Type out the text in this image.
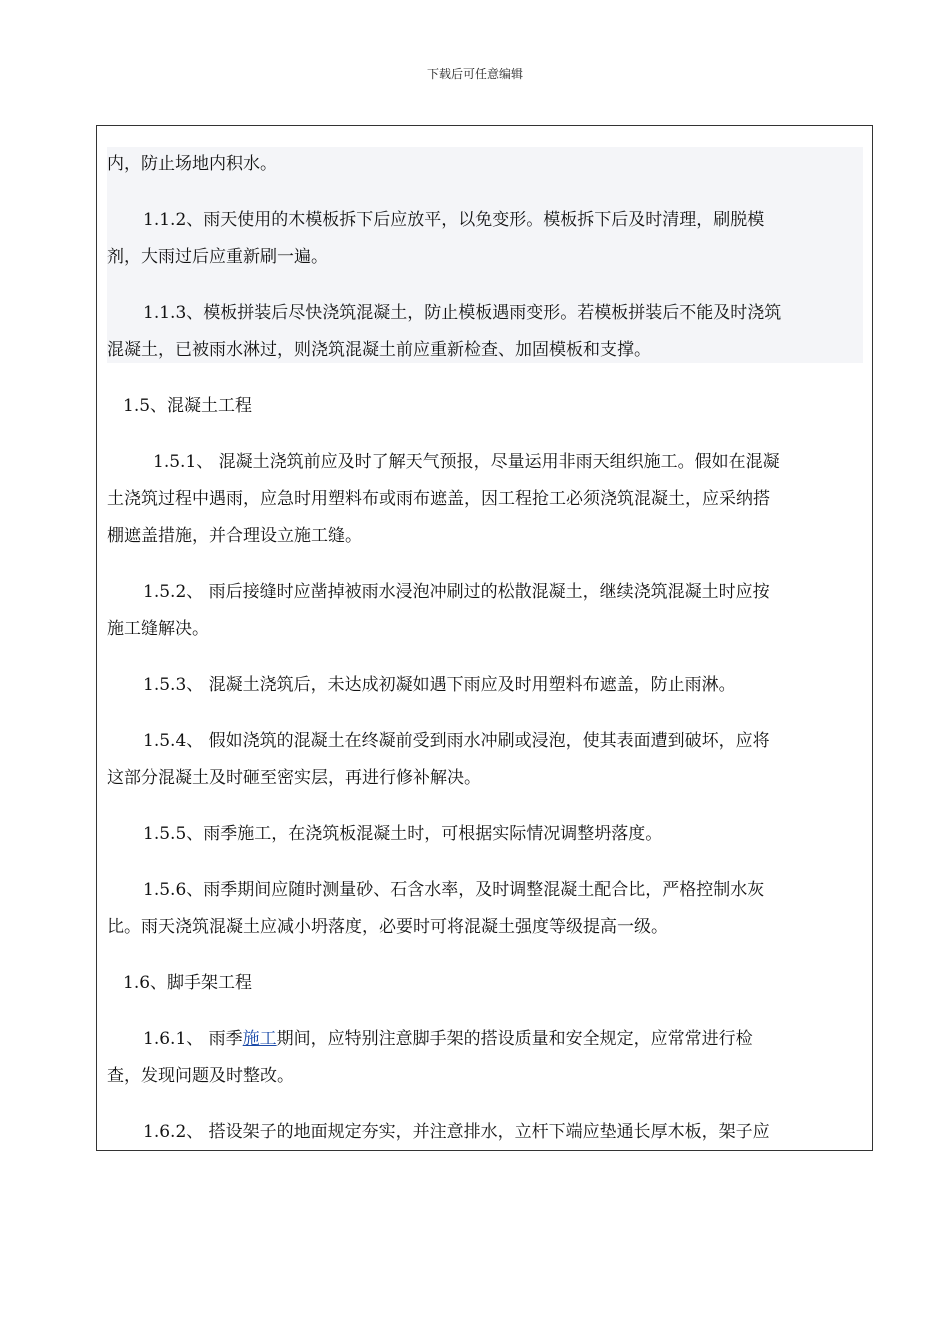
下载后可任意编辑

内，防止场地内积水。

1.1.2、雨天使用的木模板拆下后应放平，以免变形。模板拆下后及时清理，刷脱模
剂，大雨过后应重新刷一遍。

1.1.3、模板拼装后尽快浇筑混凝土，防止模板遇雨变形。若模板拼装后不能及时浇筑
混凝土，已被雨水淋过，则浇筑混凝土前应重新检查、加固模板和支撑。

1.5、混凝土工程

1.5.1、 混凝土浇筑前应及时了解天气预报，尽量运用非雨天组织施工。假如在混凝
土浇筑过程中遇雨，应急时用塑料布或雨布遮盖，因工程抢工必须浇筑混凝土，应采纳搭
棚遮盖措施，并合理设立施工缝。

1.5.2、 雨后接缝时应凿掉被雨水浸泡冲刷过的松散混凝土，继续浇筑混凝土时应按
施工缝解决。

1.5.3、 混凝土浇筑后，未达成初凝如遇下雨应及时用塑料布遮盖，防止雨淋。

1.5.4、 假如浇筑的混凝土在终凝前受到雨水冲刷或浸泡，使其表面遭到破坏，应将
这部分混凝土及时砸至密实层，再进行修补解决。

1.5.5、雨季施工，在浇筑板混凝土时，可根据实际情况调整坍落度。

1.5.6、雨季期间应随时测量砂、石含水率，及时调整混凝土配合比，严格控制水灰
比。雨天浇筑混凝土应减小坍落度，必要时可将混凝土强度等级提高一级。

1.6、脚手架工程

1.6.1、 雨季施工期间，应特别注意脚手架的搭设质量和安全规定，应常常进行检
查，发现问题及时整改。

1.6.2、 搭设架子的地面规定夯实，并注意排水，立杆下端应垫通长厚木板，架子应
